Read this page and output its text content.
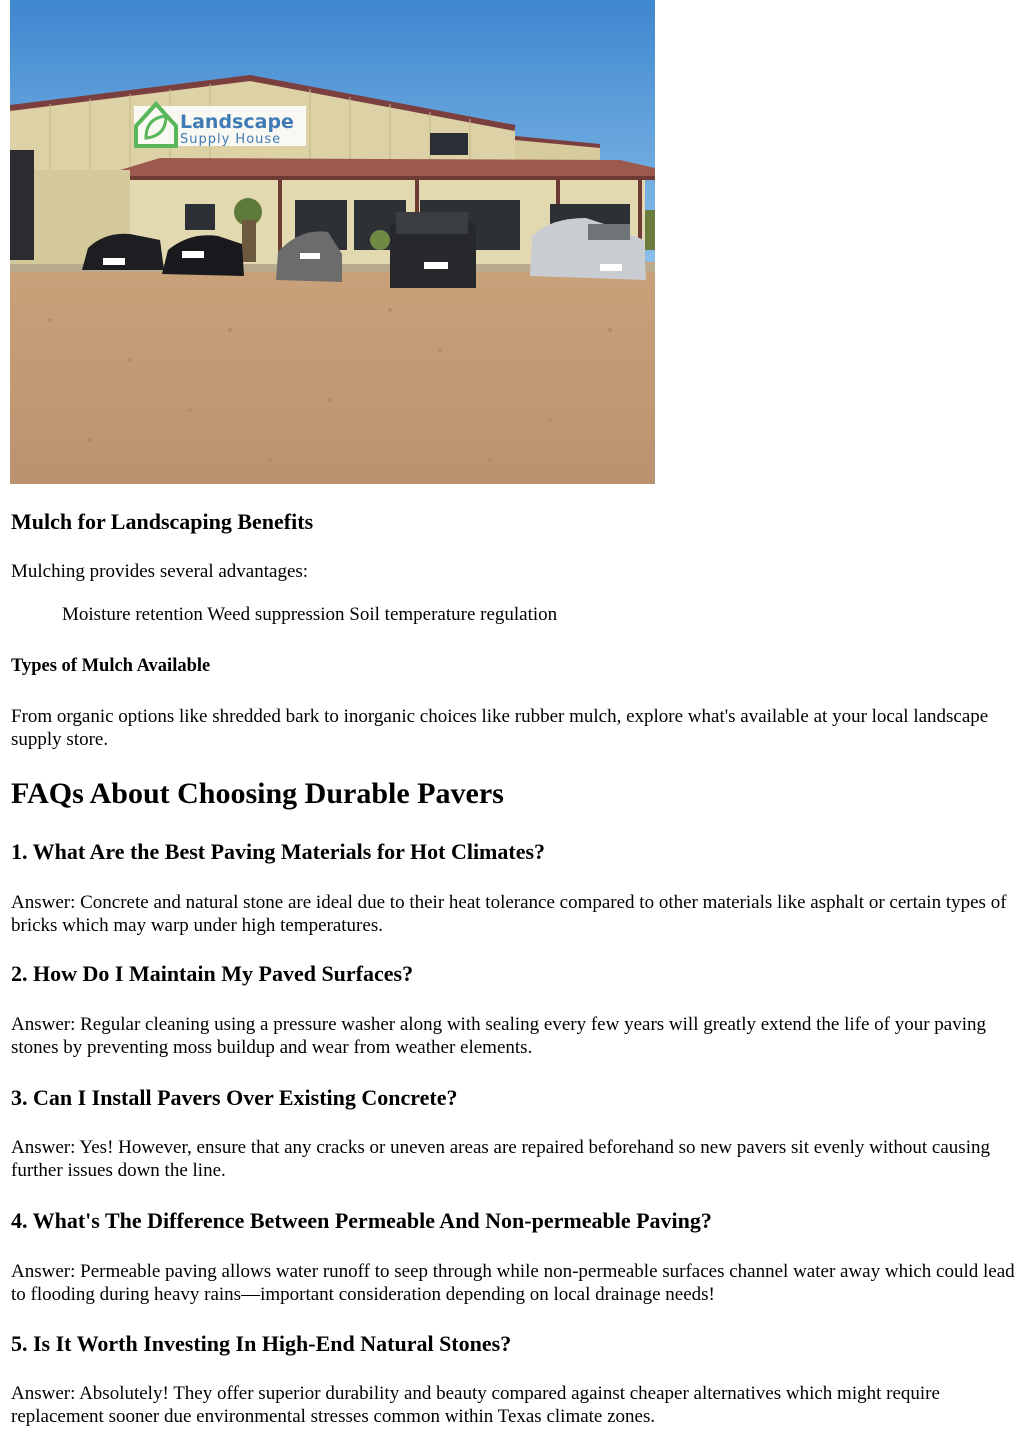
Landscape
Supply House
Mulch for Landscaping Benefits

Mulching provides several advantages:

Moisture retention Weed suppression Soil temperature regulation

Types of Mulch Available

From organic options like shredded bark to inorganic choices like rubber mulch, explore what's available at your local landscape supply store.

FAQs About Choosing Durable Pavers
1. What Are the Best Paving Materials for Hot Climates?

Answer: Concrete and natural stone are ideal due to their heat tolerance compared to other materials like asphalt or certain types of bricks which may warp under high temperatures.

2. How Do I Maintain My Paved Surfaces?

Answer: Regular cleaning using a pressure washer along with sealing every few years will greatly extend the life of your paving stones by preventing moss buildup and wear from weather elements.

3. Can I Install Pavers Over Existing Concrete?

Answer: Yes! However, ensure that any cracks or uneven areas are repaired beforehand so new pavers sit evenly without causing further issues down the line.

4. What's The Difference Between Permeable And Non-permeable Paving?

Answer: Permeable paving allows water runoff to seep through while non-permeable surfaces channel water away which could lead to flooding during heavy rains—important consideration depending on local drainage needs!

5. Is It Worth Investing In High-End Natural Stones?

Answer: Absolutely! They offer superior durability and beauty compared against cheaper alternatives which might require replacement sooner due environmental stresses common within Texas climate zones.
